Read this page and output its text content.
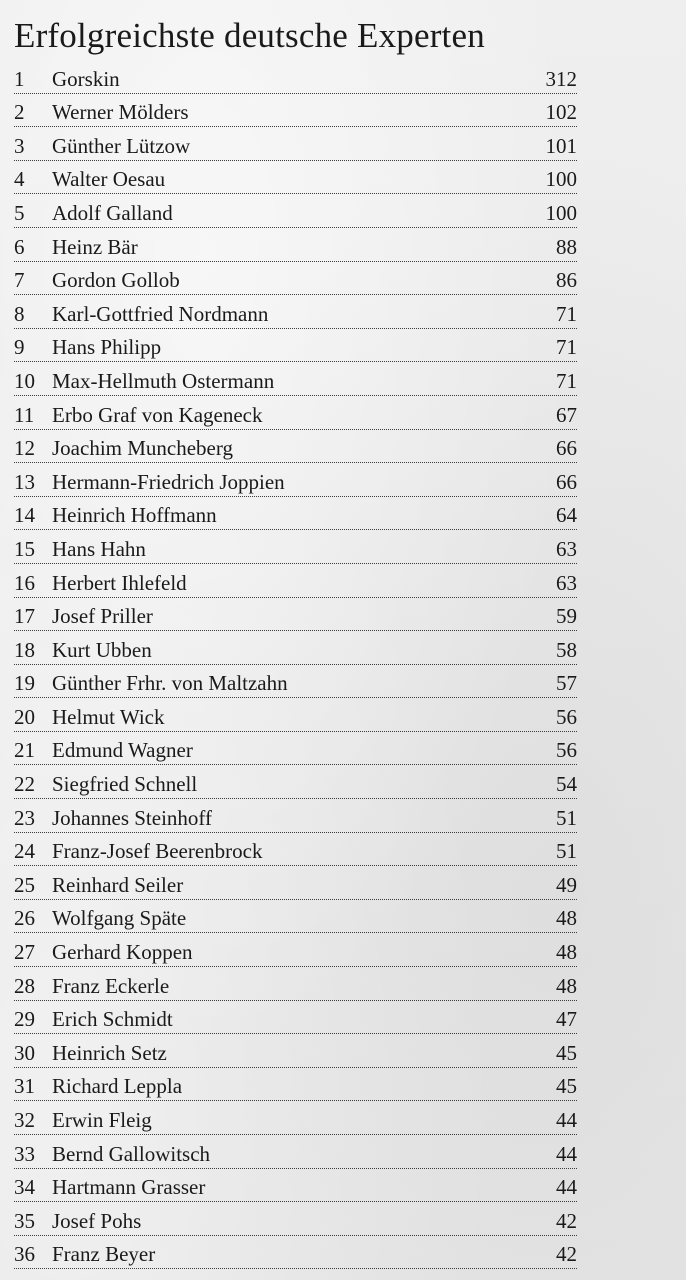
Erfolgreichste deutsche Experten
1	Gorskin	312
2	Werner Mölders	102
3	Günther Lützow	101
4	Walter Oesau	100
5	Adolf Galland	100
6	Heinz Bär	88
7	Gordon Gollob	86
8	Karl-Gottfried Nordmann	71
9	Hans Philipp	71
10 Max-Hellmuth Ostermann	71
11 Erbo Graf von Kageneck	67
12 Joachim Muncheberg	66
13 Hermann-Friedrich Joppien	66
14 Heinrich Hoffmann	64
15 Hans Hahn	63
16 Herbert Ihlefeld	63
17 Josef Priller	59
18 Kurt Ubben	58
19 Günther Frhr. von Maltzahn	57
20 Helmut Wick	56
21 Edmund Wagner	56
22 Siegfried Schnell	54
23 Johannes Steinhoff	51
24 Franz-Josef Beerenbrock	51
25 Reinhard Seiler	49
26 Wolfgang Späte	48
27 Gerhard Koppen	48
28 Franz Eckerle	48
29 Erich Schmidt	47
30 Heinrich Setz	45
31 Richard Leppla	45
32 Erwin Fleig	44
33 Bernd Gallowitsch	44
34 Hartmann Grasser	44
35 Josef Pohs	42
36 Franz Beyer	42
